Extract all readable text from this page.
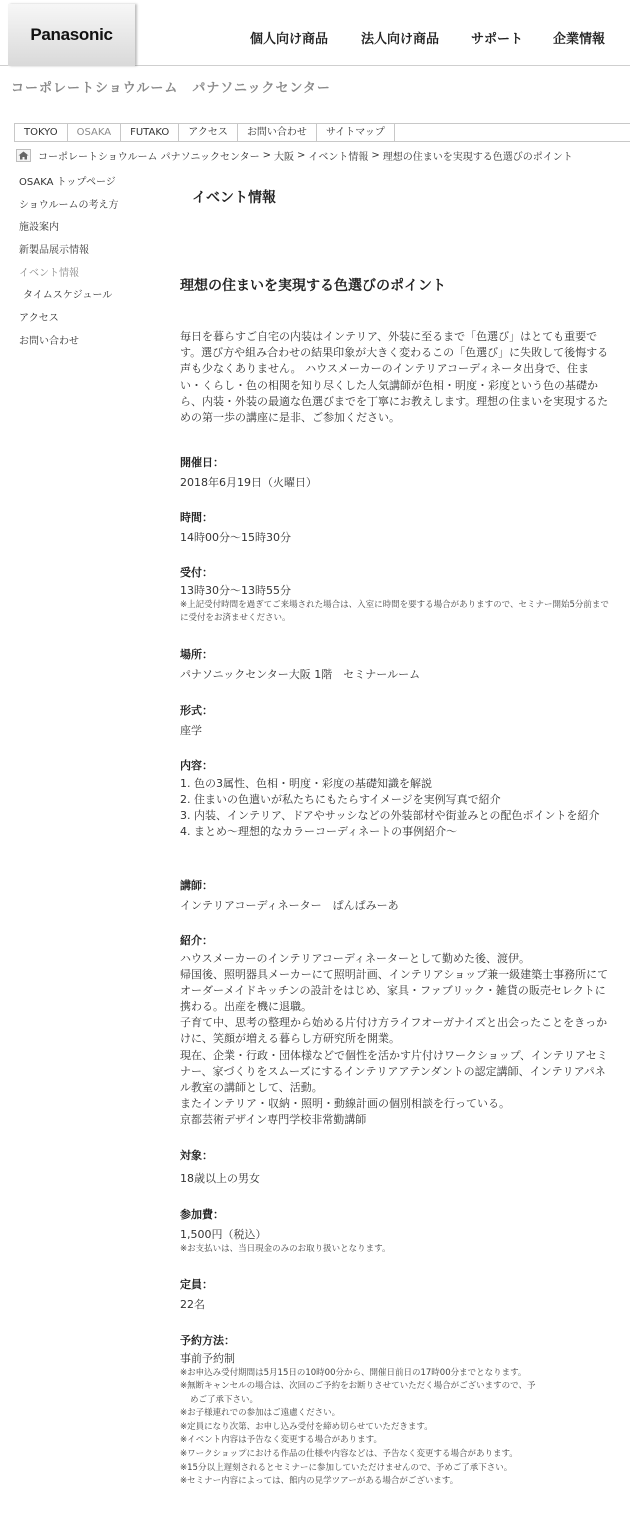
Panasonic	個人向け商品	法人向け商品 サポート 企業情報
コーポレートショウルーム　パナソニックセンター
TOKYO	OSAKA	FUTAKO	アクセス	お問い合わせ	サイトマップ
コーポレートショウルーム パナソニックセンター > 大阪 > イベント情報 > 理想の住まいを実現する色選びのポイント
OSAKA トップページ
ショウルームの考え方
施設案内
新製品展示情報
イベント情報
タイムスケジュール
アクセス
お問い合わせ
イベント情報
理想の住まいを実現する色選びのポイント
毎日を暮らすご自宅の内装はインテリア、外装に至るまで「色選び」はとても重要です。選び方や組み合わせの結果印象が大きく変わるこの「色選び」に失敗して後悔する声も少なくありません。 ハウスメーカーのインテリアコーディネータ出身で、住まい・くらし・色の相関を知り尽くした人気講師が色相・明度・彩度という色の基礎から、内装・外装の最適な色選びまでを丁寧にお教えします。理想の住まいを実現するための第一歩の講座に是非、ご参加ください。
開催日：
2018年6月19日（火曜日）
時間：
14時00分～15時30分
受付：
13時30分～13時55分
※上記受付時間を過ぎてご来場された場合は、入室に時間を要する場合がありますので、セミナー開始5分前までに受付をお済ませください。
場所：
パナソニックセンター大阪 1階　セミナールーム
形式：
座学
内容：
1. 色の3属性、色相・明度・彩度の基礎知識を解説
2. 住まいの色遣いが私たちにもたらすイメージを実例写真で紹介
3. 内装、インテリア、ドアやサッシなどの外装部材や街並みとの配色ポイントを紹介
4. まとめ～理想的なカラーコーディネートの事例紹介～
講師：
インテリアコーディネーター　ぱんぱみーあ
紹介：
ハウスメーカーのインテリアコーディネーターとして勤めた後、渡伊。
帰国後、照明器具メーカーにて照明計画、インテリアショップ兼一級建築士事務所にてオーダーメイドキッチンの設計をはじめ、家具・ファブリック・雑貨の販売セレクトに携わる。出産を機に退職。
子育て中、思考の整理から始める片付け方ライフオーガナイズと出会ったことをきっかけに、笑顔が増える暮らし方研究所を開業。
現在、企業・行政・団体様などで個性を活かす片付けワークショップ、インテリアセミナー、家づくりをスムーズにするインテリアアテンダントの認定講師、インテリアパネル教室の講師として、活動。
またインテリア・収納・照明・動線計画の個別相談を行っている。
京都芸術デザイン専門学校非常勤講師
対象：
18歳以上の男女
参加費：
1,500円（税込）
※お支払いは、当日現金のみのお取り扱いとなります。
定員：
22名
予約方法：
事前予約制
※お申込み受付期間は5月15日の10時00分から、開催日前日の17時00分までとなります。
※無断キャンセルの場合は、次回のご予約をお断りさせていただく場合がございますので、予
めご了承下さい。
※お子様連れでの参加はご遠慮ください。
※定員になり次第、お申し込み受付を締め切らせていただきます。
※イベント内容は予告なく変更する場合があります。
※ワークショップにおける作品の仕様や内容などは、予告なく変更する場合があります。
※15分以上遅刻されるとセミナーに参加していただけませんので、予めご了承下さい。
※セミナー内容によっては、館内の見学ツアーがある場合がございます。
